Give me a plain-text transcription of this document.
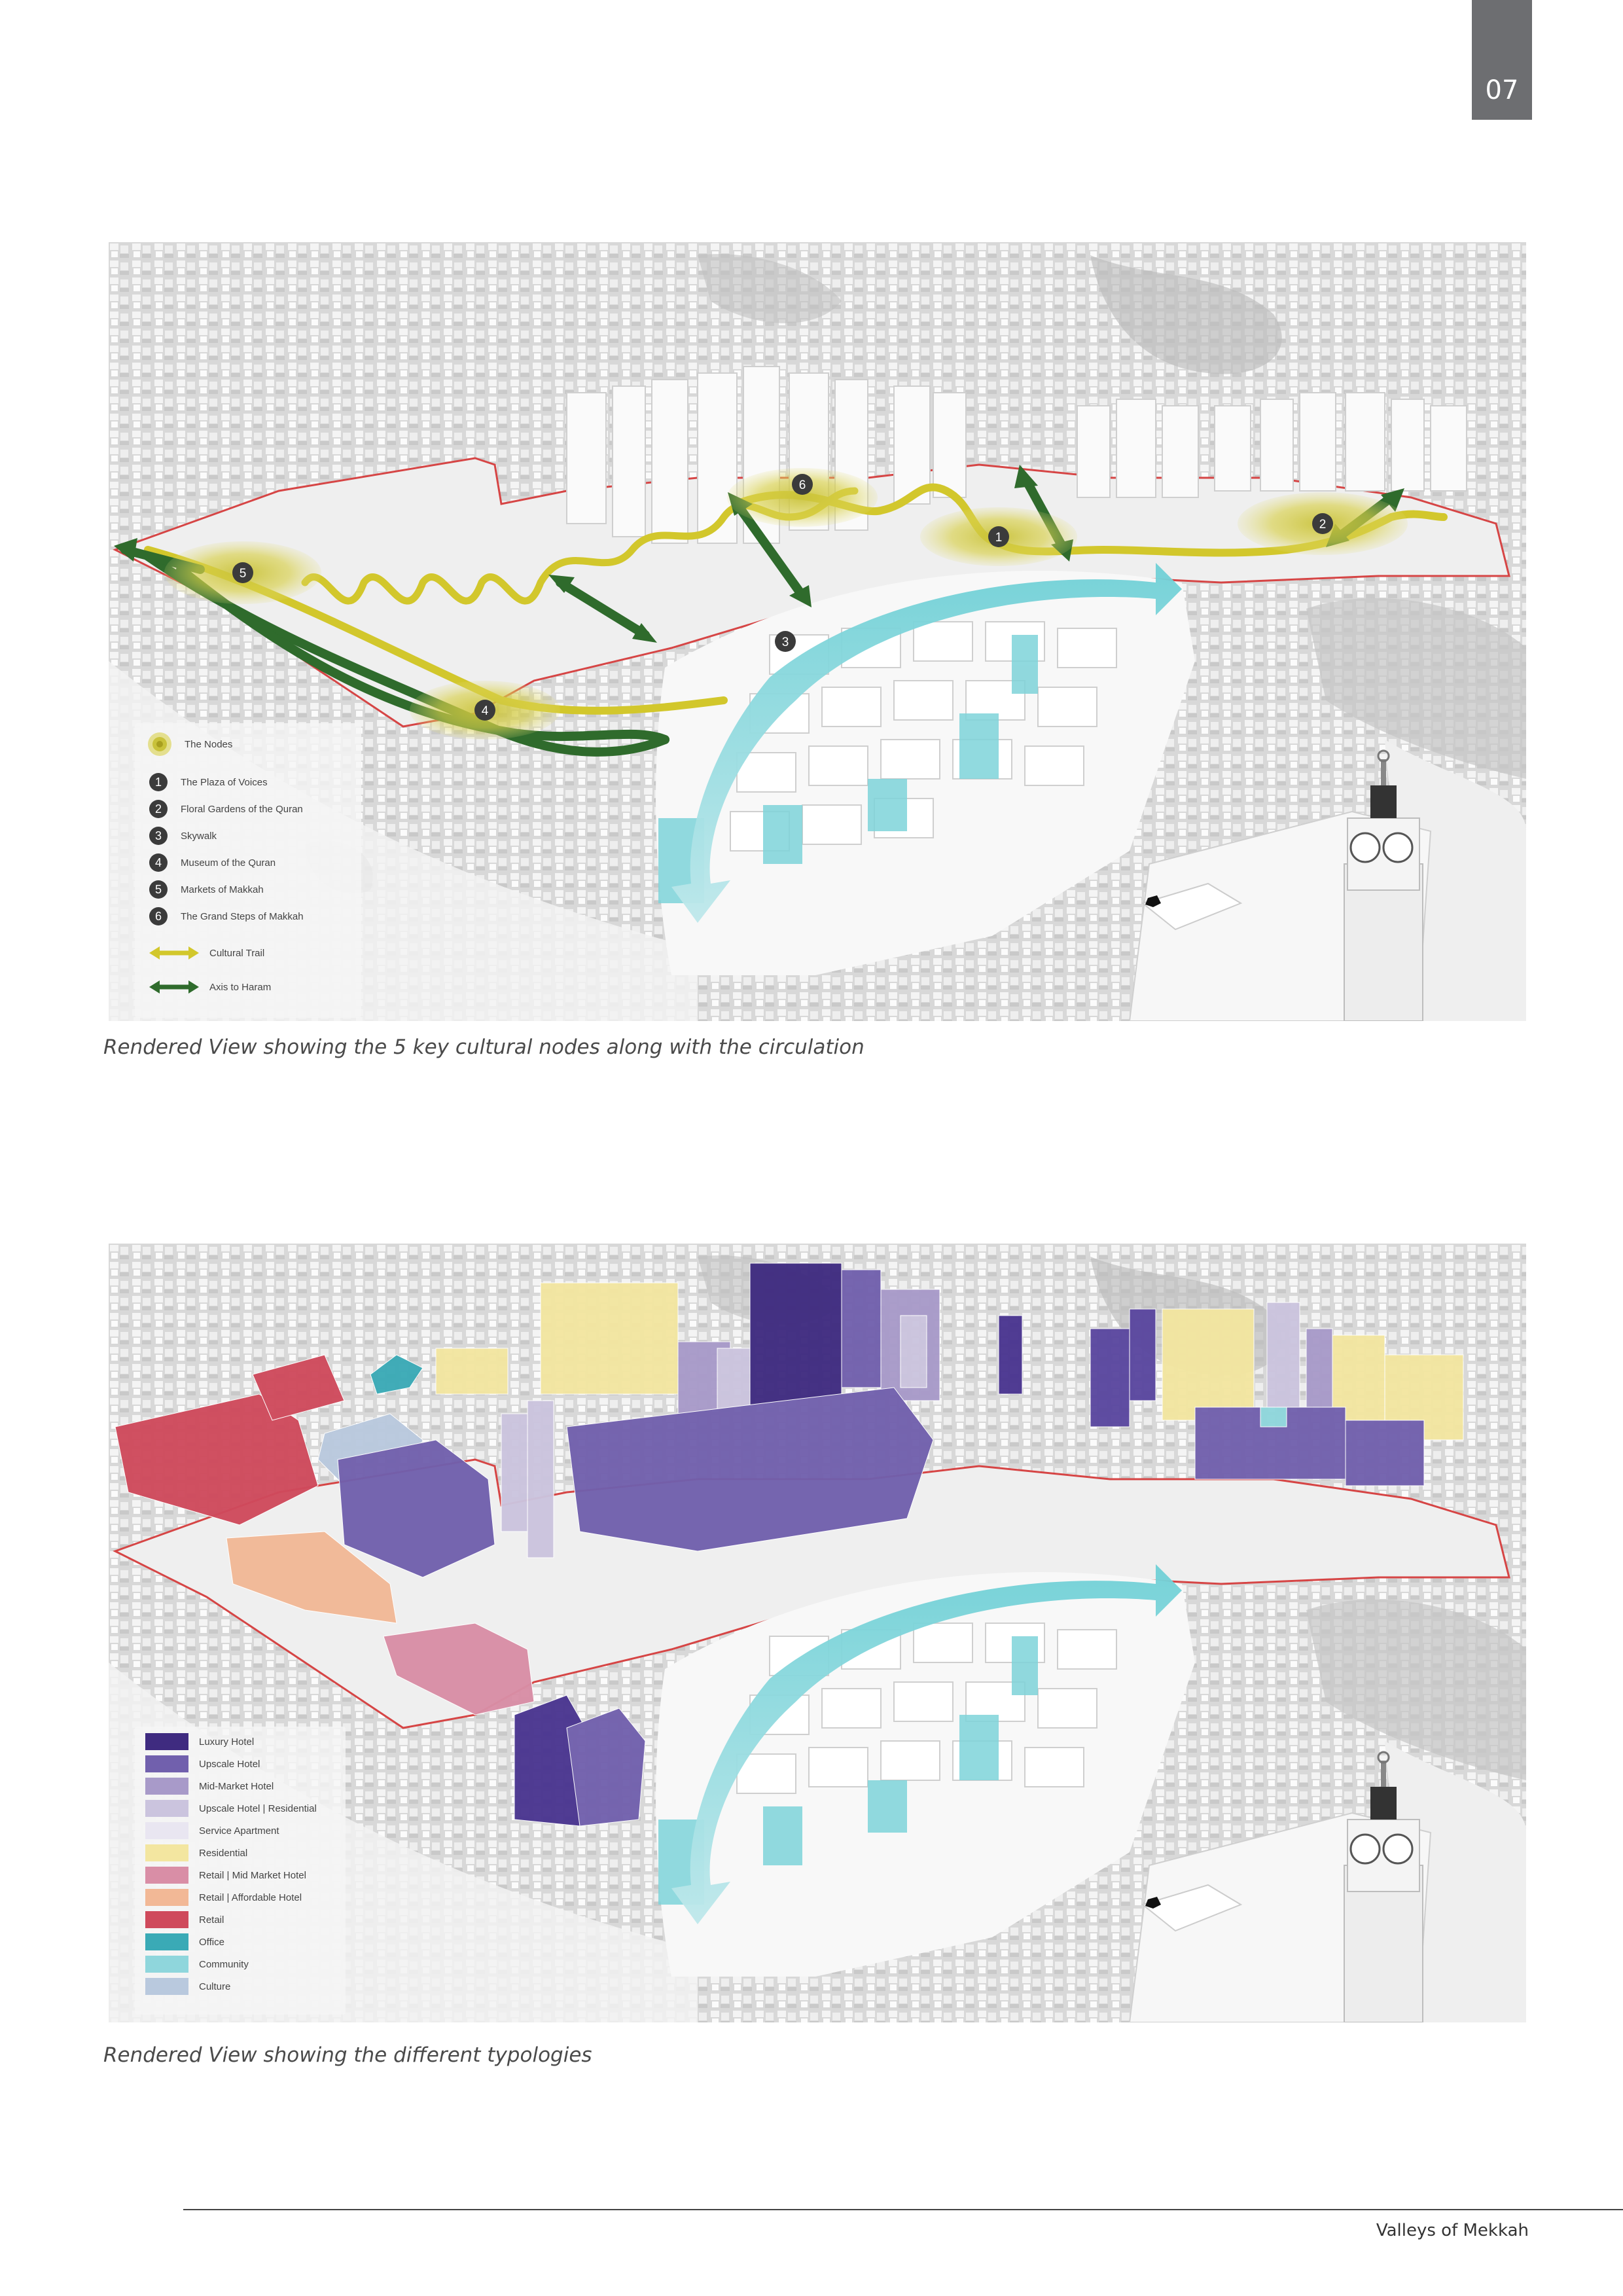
07
1
2
3
4
5
6
The Nodes
1	The Plaza of Voices
2	Floral Gardens of the Quran
3	Skywalk
4	Museum of the Quran
5	Markets of Makkah
6	The Grand Steps of Makkah
Cultural Trail
Axis to Haram
Rendered View showing the 5 key cultural nodes along with the circulation
Luxury Hotel
Upscale Hotel
Mid-Market Hotel
Upscale Hotel | Residential
Service Apartment
Residential
Retail | Mid Market Hotel
Retail | Affordable Hotel
Retail
Office
Community
Culture
Rendered View showing the different typologies
Valleys of Mekkah
